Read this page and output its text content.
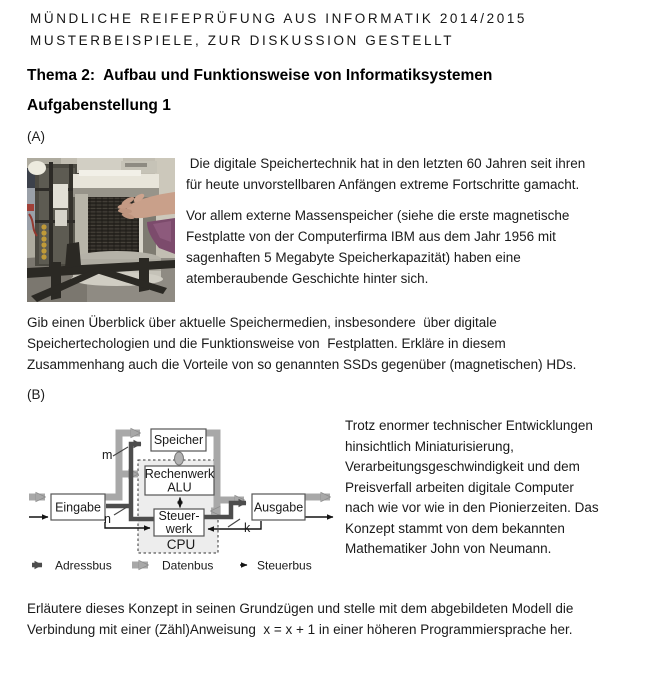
MÜNDLICHE REIFEPRÜFUNG AUS INFORMATIK 2014/2015
MUSTERBEISPIELE, ZUR DISKUSSION GESTELLT
Thema 2:  Aufbau und Funktionsweise von Informatiksystemen
Aufgabenstellung 1
(A)
Die digitale Speichertechnik hat in den letzten 60 Jahren seit ihren
für heute unvorstellbaren Anfängen extreme Fortschritte gamacht.
Vor allem externe Massenspeicher (siehe die erste magnetische
Festplatte von der Computerfirma IBM aus dem Jahr 1956 mit
sagenhaften 5 Megabyte Speicherkapazität) haben eine
atemberaubende Geschichte hinter sich.
Gib einen Überblick über aktuelle Speichermedien, insbesondere  über digitale
Speichertechologien und die Funktionsweise von  Festplatten. Erkläre in diesem
Zusammenhang auch die Vorteile von so genannten SSDs gegenüber (magnetischen) HDs.
(B)
Speicher
Rechenwerk
ALU
Steuer-
werk
CPU
Eingabe	Ausgabe
m
n
k
Adressbus	Datenbus	Steuerbus
Trotz enormer technischer Entwicklungen
hinsichtlich Miniaturisierung,
Verarbeitungsgeschwindigkeit und dem
Preisverfall arbeiten digitale Computer
nach wie vor wie in den Pionierzeiten. Das
Konzept stammt von dem bekannten
Mathematiker John von Neumann.
Erläutere dieses Konzept in seinen Grundzügen und stelle mit dem abgebildeten Modell die
Verbindung mit einer (Zähl)Anweisung  x = x + 1 in einer höheren Programmiersprache her.
